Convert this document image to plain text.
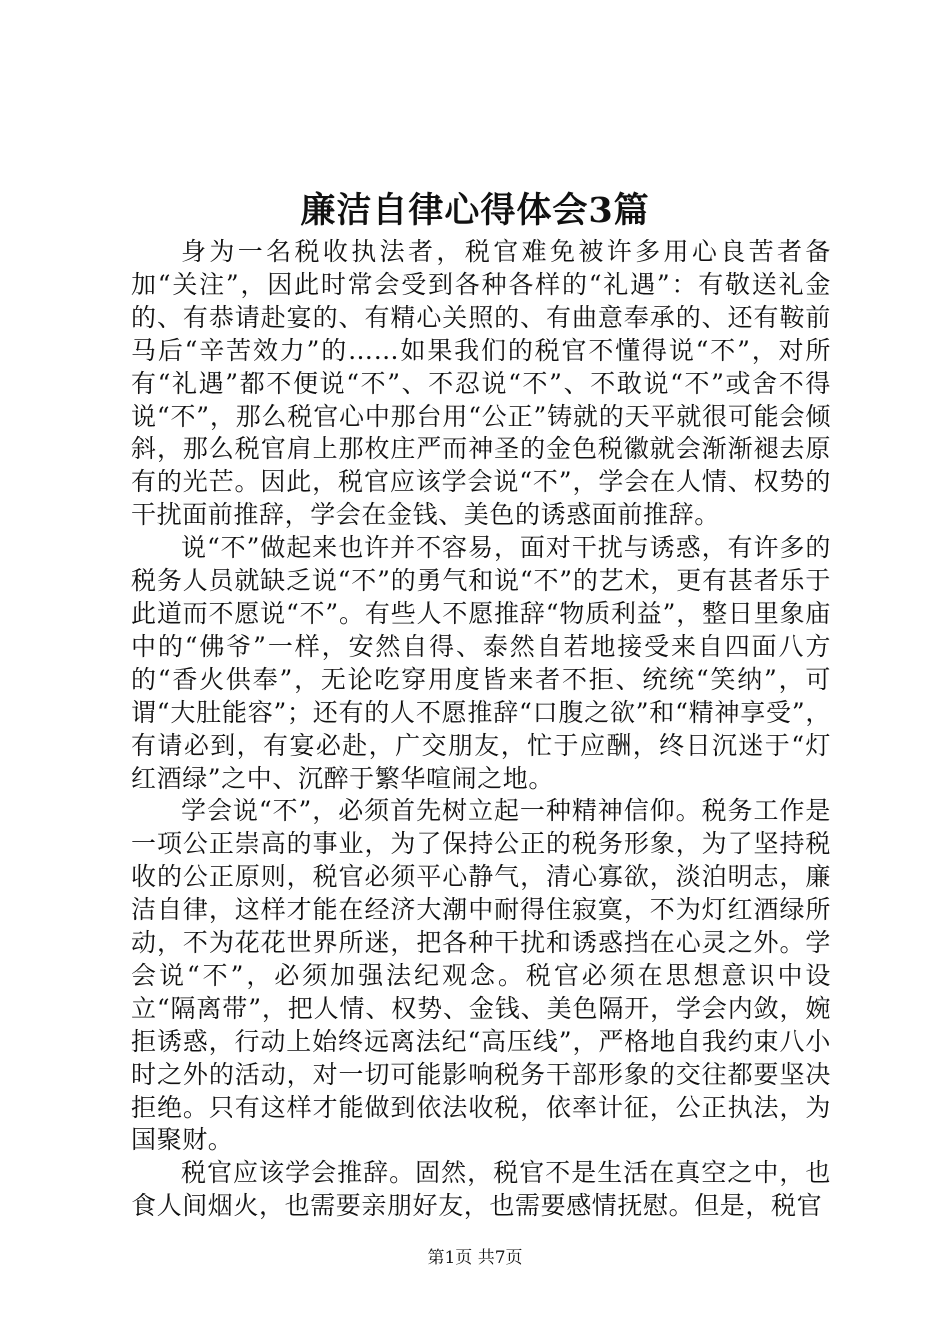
廉洁自律心得体会3篇

身为一名税收执法者，税官难免被许多用心良苦者备加“关注”，因此时常会受到各种各样的“礼遇”：有敬送礼金的、有恭请赴宴的、有精心关照的、有曲意奉承的、还有鞍前马后“辛苦效力”的……如果我们的税官不懂得说“不”，对所有“礼遇”都不便说“不”、不忍说“不”、不敢说“不”或舍不得说“不”，那么税官心中那台用“公正”铸就的天平就很可能会倾斜，那么税官肩上那枚庄严而神圣的金色税徽就会渐渐褪去原有的光芒。因此，税官应该学会说“不”，学会在人情、权势的干扰面前推辞，学会在金钱、美色的诱惑面前推辞。

说“不”做起来也许并不容易，面对干扰与诱惑，有许多的税务人员就缺乏说“不”的勇气和说“不”的艺术，更有甚者乐于此道而不愿说“不”。有些人不愿推辞“物质利益”，整日里象庙中的“佛爷”一样，安然自得、泰然自若地接受来自四面八方的“香火供奉”，无论吃穿用度皆来者不拒、统统“笑纳”，可谓“大肚能容”；还有的人不愿推辞“口腹之欲”和“精神享受”，有请必到，有宴必赴，广交朋友，忙于应酬，终日沉迷于“灯红酒绿”之中、沉醉于繁华喧闹之地。

学会说“不”，必须首先树立起一种精神信仰。税务工作是一项公正崇高的事业，为了保持公正的税务形象，为了坚持税收的公正原则，税官必须平心静气，清心寡欲，淡泊明志，廉洁自律，这样才能在经济大潮中耐得住寂寞，不为灯红酒绿所动，不为花花世界所迷，把各种干扰和诱惑挡在心灵之外。学会说“不”，必须加强法纪观念。税官必须在思想意识中设立“隔离带”，把人情、权势、金钱、美色隔开，学会内敛，婉拒诱惑，行动上始终远离法纪“高压线”，严格地自我约束八小时之外的活动，对一切可能影响税务干部形象的交往都要坚决拒绝。只有这样才能做到依法收税，依率计征，公正执法，为国聚财。

税官应该学会推辞。固然，税官不是生活在真空之中，也食人间烟火，也需要亲朋好友，也需要感情抚慰。但是，税官

第1页 共7页
